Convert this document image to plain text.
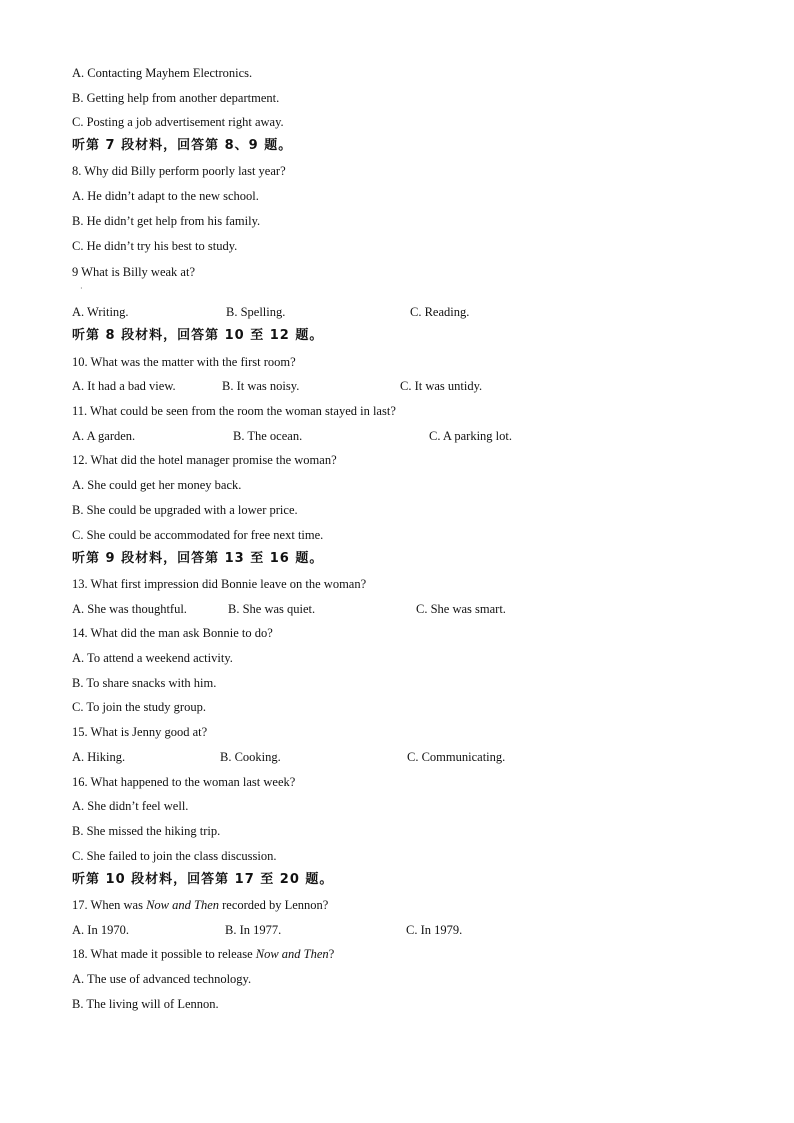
A. Contacting Mayhem Electronics.
B. Getting help from another department.
C. Posting a job advertisement right away.
听第 7 段材料，回答第 8、9 题。
8. Why did Billy perform poorly last year?
A. He didn’t adapt to the new school.
B. He didn’t get help from his family.
C. He didn’t try his best to study.
9 What is Billy weak at?
·
A. Writing.	B. Spelling.	C. Reading.
听第 8 段材料，回答第 10 至 12 题。
10. What was the matter with the first room?
A. It had a bad view.	B. It was noisy.	C. It was untidy.
11. What could be seen from the room the woman stayed in last?
A. A garden.	B. The ocean.	C. A parking lot.
12. What did the hotel manager promise the woman?
A. She could get her money back.
B. She could be upgraded with a lower price.
C. She could be accommodated for free next time.
听第 9 段材料，回答第 13 至 16 题。
13. What first impression did Bonnie leave on the woman?
A. She was thoughtful.	B. She was quiet.	C. She was smart.
14. What did the man ask Bonnie to do?
A. To attend a weekend activity.
B. To share snacks with him.
C. To join the study group.
15. What is Jenny good at?
A. Hiking.	B. Cooking.	C. Communicating.
16. What happened to the woman last week?
A. She didn’t feel well.
B. She missed the hiking trip.
C. She failed to join the class discussion.
听第 10 段材料，回答第 17 至 20 题。
17. When was Now and Then recorded by Lennon?
A. In 1970.	B. In 1977.	C. In 1979.
18. What made it possible to release Now and Then?
A. The use of advanced technology.
B. The living will of Lennon.
